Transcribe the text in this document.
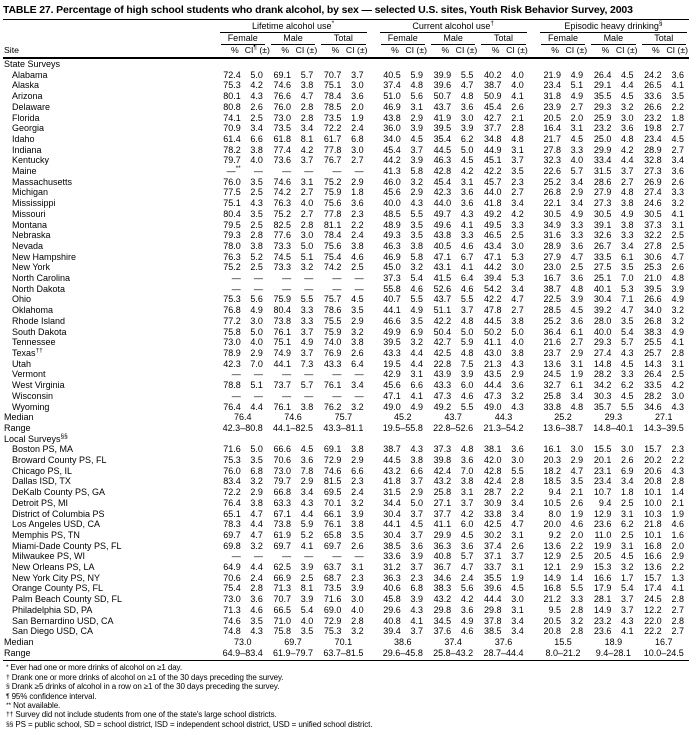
TABLE 27. Percentage of high school students who drank alcohol, by sex — selected U.S. sites, Youth Risk Behavior Survey, 2003

	Lifetime alcohol use*							Current alcohol use†							Episodic heavy drinking§

	Female		Male		Total			Female		Male		Total			Female		Male		Total	

Site	%	CI¶ (±)	%	CI (±)	%	CI (±)		%	CI (±)	%	CI (±)	%	CI (±)		%	CI (±)	%	CI (±)	%	CI (±)
State Surveys																				
Alabama	72.4	5.0	69.1	5.7	70.7	3.7		40.5	5.9	39.9	5.5	40.2	4.0		21.9	4.9	26.4	4.5	24.2	3.6
Alaska	75.3	4.2	74.6	3.8	75.1	3.0		37.4	4.8	39.6	4.7	38.7	4.0		23.4	5.1	29.1	4.4	26.5	4.1
Arizona	80.1	4.3	76.6	4.7	78.4	3.6		51.0	5.6	50.7	4.8	50.9	4.1		31.8	4.9	35.5	4.5	33.6	3.5
Delaware	80.8	2.6	76.0	2.8	78.5	2.0		46.9	3.1	43.7	3.6	45.4	2.6		23.9	2.7	29.3	3.2	26.6	2.2
Florida	74.1	2.5	73.0	2.8	73.5	1.9		43.8	2.9	41.9	3.0	42.7	2.1		20.5	2.0	25.9	3.0	23.2	1.8
Georgia	70.9	3.4	73.5	3.4	72.2	2.4		36.0	3.9	39.5	3.9	37.7	2.8		16.4	3.1	23.2	3.6	19.8	2.7
Idaho	61.4	6.6	61.8	8.1	61.7	6.8		34.0	4.5	35.4	6.2	34.8	4.8		21.7	4.5	25.0	4.8	23.4	4.5
Indiana	78.2	3.8	77.4	4.2	77.8	3.0		45.4	3.7	44.5	5.0	44.9	3.1		27.8	3.3	29.9	4.2	28.9	2.7
Kentucky	79.7	4.0	73.6	3.7	76.7	2.7		44.2	3.9	46.3	4.5	45.1	3.7		32.3	4.0	33.4	4.4	32.8	3.4
Maine	—**	—	—	—	—	—		41.3	5.8	42.8	4.2	42.2	3.5		22.6	5.7	31.5	3.7	27.3	3.6
Massachusetts	76.0	3.5	74.6	3.1	75.2	2.9		46.0	3.2	45.4	3.1	45.7	2.3		25.2	3.4	28.6	2.7	26.9	2.6
Michigan	77.5	2.5	74.2	2.7	75.9	1.8		45.6	2.9	42.3	3.6	44.0	2.7		26.8	2.9	27.9	4.8	27.4	3.3
Mississippi	75.1	4.3	76.3	4.0	75.6	3.6		40.0	4.3	44.0	3.6	41.8	3.4		22.1	3.4	27.3	3.8	24.6	3.2
Missouri	80.4	3.5	75.2	2.7	77.8	2.3		48.5	5.5	49.7	4.3	49.2	4.2		30.5	4.9	30.5	4.9	30.5	4.1
Montana	79.5	2.5	82.5	2.8	81.1	2.2		48.9	3.5	49.6	4.1	49.5	3.3		34.9	3.3	39.1	3.8	37.3	3.1
Nebraska	79.3	2.8	77.6	3.0	78.4	2.4		49.3	3.5	43.8	3.3	46.5	2.5		31.6	3.3	32.6	3.3	32.2	2.5
Nevada	78.0	3.8	73.3	5.0	75.6	3.8		46.3	3.8	40.5	4.6	43.4	3.0		28.9	3.6	26.7	3.4	27.8	2.5
New Hampshire	76.3	5.2	74.5	5.1	75.4	4.6		46.9	5.8	47.1	6.7	47.1	5.3		27.9	4.7	33.5	6.1	30.6	4.7
New York	75.2	2.5	73.3	3.2	74.2	2.5		45.0	3.2	43.1	4.1	44.2	3.0		23.0	2.5	27.5	3.5	25.3	2.6
North Carolina	—	—	—	—	—	—		37.3	5.4	41.5	6.4	39.4	5.3		16.7	3.6	25.1	7.0	21.0	4.8
North Dakota	—	—	—	—	—	—		55.8	4.6	52.6	4.6	54.2	3.4		38.7	4.8	40.1	5.3	39.5	3.9
Ohio	75.3	5.6	75.9	5.5	75.7	4.5		40.7	5.5	43.7	5.5	42.2	4.7		22.5	3.9	30.4	7.1	26.6	4.9
Oklahoma	76.8	4.9	80.4	3.3	78.6	3.5		44.1	4.9	51.1	3.7	47.8	2.7		28.5	4.5	39.2	4.7	34.0	3.2
Rhode Island	77.2	3.0	73.8	3.3	75.5	2.9		46.6	3.5	42.2	4.8	44.5	3.8		25.2	3.6	28.0	3.5	26.8	3.2
South Dakota	75.8	5.0	76.1	3.7	75.9	3.2		49.9	6.9	50.4	5.0	50.2	5.0		36.4	6.1	40.0	5.4	38.3	4.9
Tennessee	73.0	4.0	75.1	4.9	74.0	3.8		39.5	3.2	42.7	5.9	41.1	4.0		21.6	2.7	29.3	5.7	25.5	4.1
Texas††	78.9	2.9	74.9	3.7	76.9	2.6		43.3	4.4	42.5	4.8	43.0	3.8		23.7	2.9	27.4	4.3	25.7	2.8
Utah	42.3	7.0	44.1	7.3	43.3	6.4		19.5	4.4	22.8	7.5	21.3	4.3		13.6	3.1	14.8	4.5	14.3	3.1
Vermont	—	—	—	—	—	—		42.9	3.1	43.9	3.9	43.5	2.9		24.5	1.9	28.2	3.3	26.4	2.5
West Virginia	78.8	5.1	73.7	5.7	76.1	3.4		45.6	6.6	43.3	6.0	44.4	3.6		32.7	6.1	34.2	6.2	33.5	4.2
Wisconsin	—	—	—	—	—	—		47.1	4.1	47.3	4.6	47.3	3.2		25.8	3.4	30.3	4.5	28.2	3.0
Wyoming	76.4	4.4	76.1	3.8	76.2	3.2		49.0	4.9	49.2	5.5	49.0	4.3		33.8	4.8	35.7	5.5	34.6	4.3
Median	76.4		74.6		75.7			45.2		43.7		44.3			25.2		29.3		27.1	
Range	42.3–80.8		44.1–82.5		43.3–81.1			19.5–55.8		22.8–52.6		21.3–54.2			13.6–38.7		14.8–40.1		14.3–39.5	
Local Surveys§§
Boston PS, MA	71.6	5.0	66.6	4.5	69.1	3.8		38.7	4.3	37.3	4.8	38.1	3.6		16.1	3.0	15.5	3.0	15.7	2.3
Broward County PS, FL	75.3	3.5	70.6	3.6	72.9	2.9		44.5	3.8	39.8	3.6	42.0	3.0		20.3	2.9	20.1	2.6	20.2	2.2
Chicago PS, IL	76.0	6.8	73.0	7.8	74.6	6.6		43.2	6.6	42.4	7.0	42.8	5.5		18.2	4.7	23.1	6.9	20.6	4.3
Dallas ISD, TX	83.4	3.2	79.7	2.9	81.5	2.3		41.8	3.7	43.2	3.8	42.4	2.8		18.5	3.5	23.4	3.4	20.8	2.8
DeKalb County PS, GA	72.2	2.9	66.8	3.4	69.5	2.4		31.5	2.9	25.8	3.1	28.7	2.2		9.4	2.1	10.7	1.8	10.1	1.4
Detroit PS, MI	76.4	3.8	63.3	4.3	70.1	3.2		34.4	5.0	27.1	3.7	30.9	3.4		10.5	2.6	9.4	2.5	10.0	2.1
District of Columbia PS	65.1	4.7	67.1	4.4	66.1	3.9		30.4	3.7	37.7	4.2	33.8	3.4		8.0	1.9	12.9	3.1	10.3	1.9
Los Angeles USD, CA	78.3	4.4	73.8	5.9	76.1	3.8		44.1	4.5	41.1	6.0	42.5	4.7		20.0	4.6	23.6	6.2	21.8	4.6
Memphis PS, TN	69.7	4.7	61.9	5.2	65.8	3.5		30.4	3.7	29.9	4.5	30.2	3.1		9.2	2.0	11.0	2.5	10.1	1.6
Miami-Dade County PS, FL	69.8	3.2	69.7	4.1	69.7	2.6		38.5	3.6	36.3	3.6	37.4	2.6		13.6	2.2	19.9	3.1	16.8	2.0
Milwaukee PS, WI	—	—	—	—	—	—		33.6	3.9	40.8	5.7	37.1	3.7		12.9	2.5	20.5	4.5	16.6	2.9
New Orleans PS, LA	64.9	4.4	62.5	3.9	63.7	3.1		31.2	3.7	36.7	4.7	33.7	3.1		12.1	2.9	15.3	3.2	13.6	2.2
New York City PS, NY	70.6	2.4	66.9	2.5	68.7	2.3		36.3	2.3	34.6	2.4	35.5	1.9		14.9	1.4	16.6	1.7	15.7	1.3
Orange County PS, FL	75.4	2.8	71.3	8.1	73.5	3.9		40.6	6.8	38.3	5.6	39.6	4.5		16.8	5.5	17.9	5.4	17.4	4.1
Palm Beach County SD, FL	73.0	3.6	70.7	3.9	71.6	3.0		45.8	3.9	43.2	4.2	44.4	3.0		21.2	3.3	28.1	3.7	24.5	2.8
Philadelphia SD, PA	71.3	4.6	66.5	5.4	69.0	4.0		29.6	4.3	29.8	3.6	29.8	3.1		9.5	2.8	14.9	3.7	12.2	2.7
San Bernardino USD, CA	74.6	3.5	71.0	4.0	72.9	2.8		40.8	4.1	34.5	4.9	37.8	3.4		20.5	3.2	23.2	4.3	22.0	2.8
San Diego USD, CA	74.8	4.3	75.8	3.5	75.3	3.2		39.4	3.7	37.6	4.6	38.5	3.4		20.8	2.8	23.6	4.1	22.2	2.7
Median	73.0		69.7		70.1			38.6		37.4		37.6			15.5		18.9		16.7	
Range	64.9–83.4		61.9–79.7		63.7–81.5			29.6–45.8		25.8–43.2		28.7–44.4			8.0–21.2		9.4–28.1		10.0–24.5	
* Ever had one or more drinks of alcohol on ≥1 day.
† Drank one or more drinks of alcohol on ≥1 of the 30 days preceding the survey.
§ Drank ≥5 drinks of alcohol in a row on ≥1 of the 30 days preceding the survey.
¶ 95% confidence interval.
** Not available.
†† Survey did not include students from one of the state's large school districts.
§§ PS = public school, SD = school district, ISD = independent school district, USD = unified school district.
